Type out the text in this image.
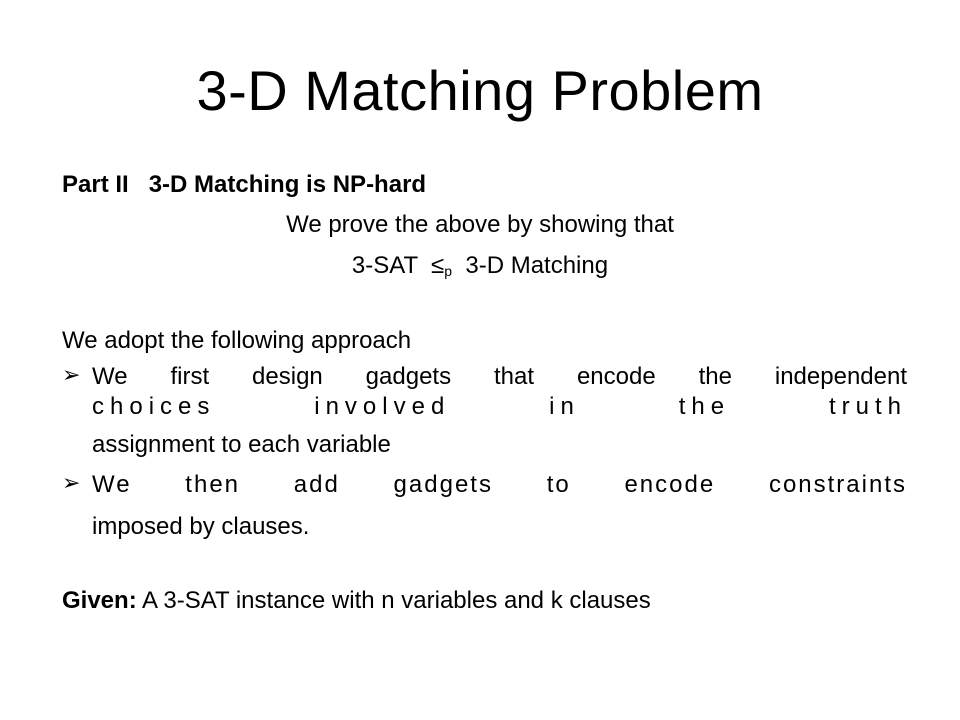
3-D Matching Problem
Part II 3-D Matching is NP-hard
We prove the above by showing that
$3-SAT \le_p$ 3-D Matching
We adopt the following approach
➢ We first design gadgets that encode the independent
choices involved in the truth
assignment to each variable
➢ We then add gadgets to encode constraints
imposed by clauses.
Given: A 3-SAT instance with n variables and k clauses
